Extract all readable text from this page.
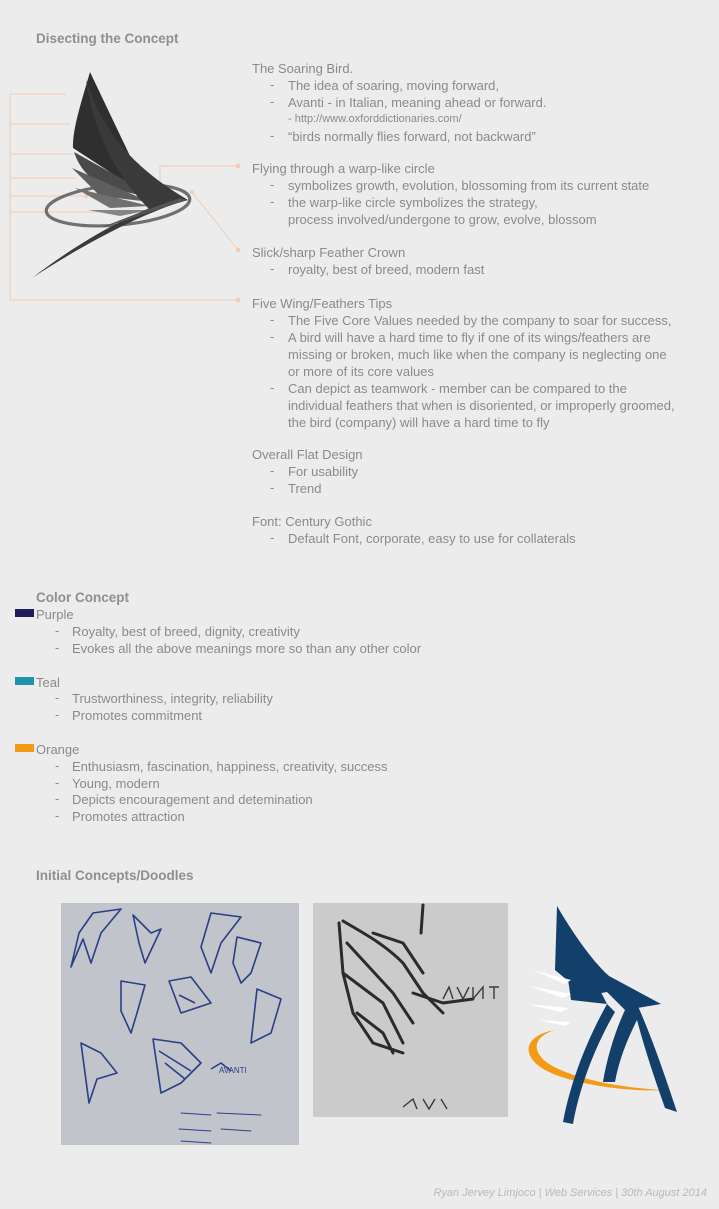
Disecting the Concept
The Soaring Bird.
-	The idea of soaring, moving forward,
-	Avanti - in Italian, meaning ahead or forward.
- http://www.oxforddictionaries.com/
-	“birds normally flies forward, not backward”
Flying through a warp-like circle
-	symbolizes growth, evolution, blossoming from its current state
-	the warp-like circle symbolizes the strategy,
process involved/undergone to grow, evolve, blossom
Slick/sharp Feather Crown
-	royalty, best of breed, modern fast
Five Wing/Feathers Tips
-	The Five Core Values needed by the company to soar for success,
-	A bird will have a hard time to fly if one of its wings/feathers are
missing or broken, much like when the company is neglecting one
or more of its core values
-	Can depict as teamwork - member can be compared to the
individual feathers that when is disoriented, or improperly groomed,
the bird (company) will have a hard time to fly
Overall Flat Design
-	For usability
-	Trend
Font: Century Gothic
-	Default Font, corporate, easy to use for collaterals
Color Concept
Purple
- Royalty, best of breed, dignity, creativity
- Evokes all the above meanings more so than any other color
Teal
- Trustworthiness, integrity, reliability
- Promotes commitment
Orange
- Enthusiasm, fascination, happiness, creativity, success
- Young, modern
- Depicts encouragement and detemination
- Promotes attraction
Initial Concepts/Doodles
AVANTI
Ryan Jervey Limjoco | Web Services | 30th August 2014
